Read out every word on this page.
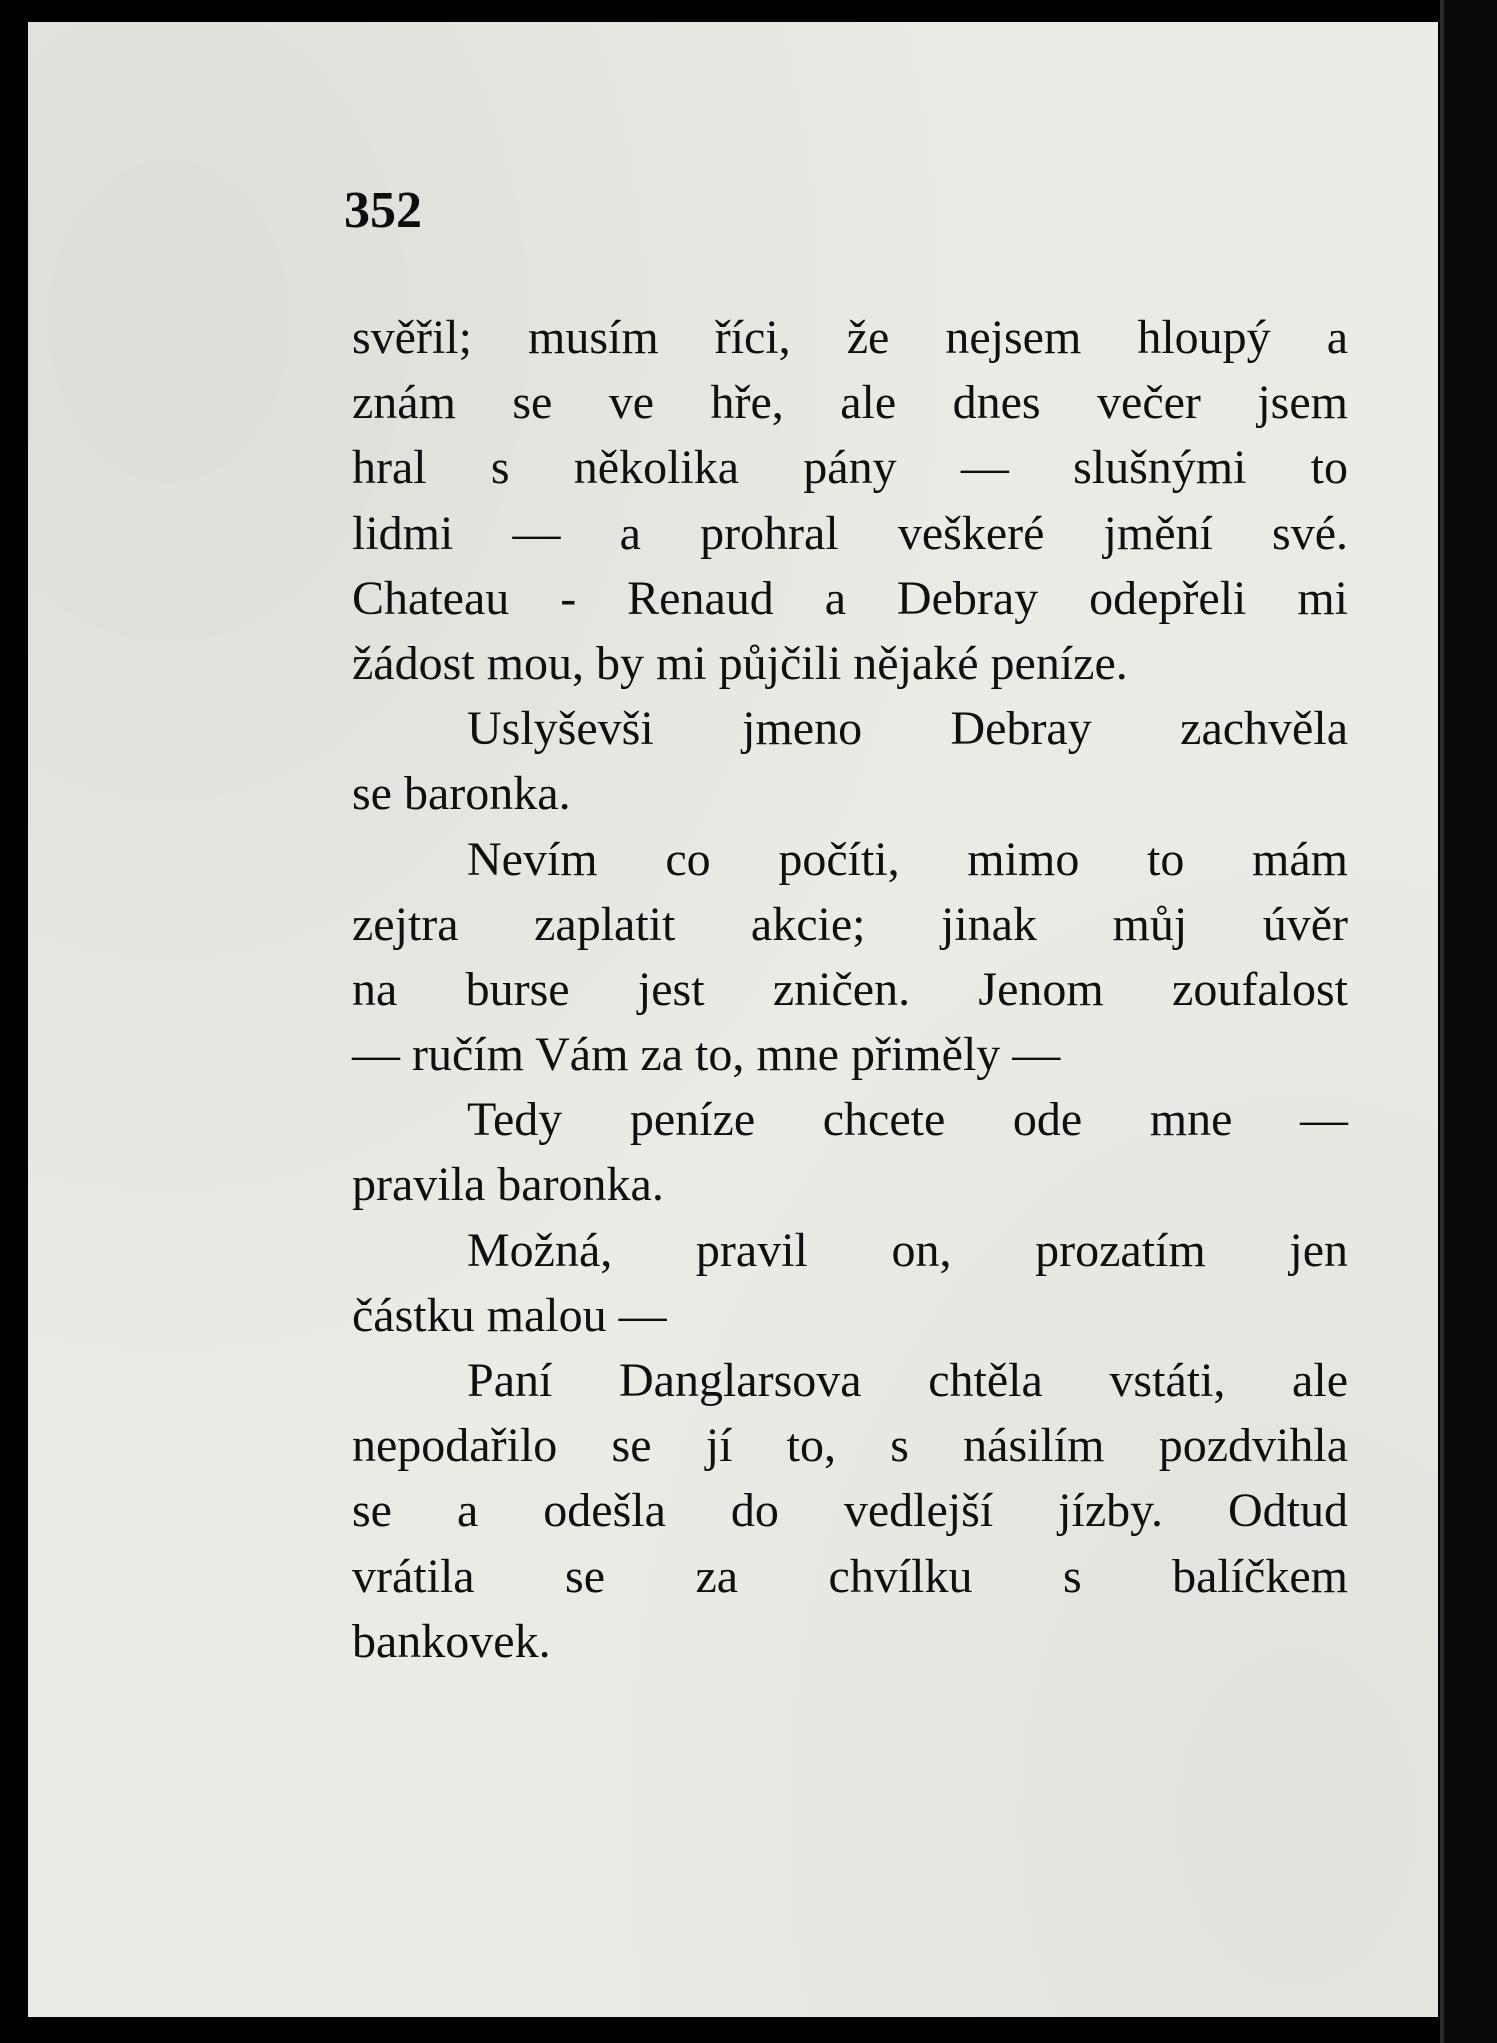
352
svěřil; musím říci, že nejsem hloupý a
znám se ve hře, ale dnes večer jsem
hral s několika pány — slušnými to
lidmi — a prohral veškeré jmění své.
Chateau - Renaud a Debray odepřeli mi
žádost mou, by mi půjčili nějaké peníze.
Uslyševši jmeno Debray zachvěla
se baronka.
Nevím co počíti, mimo to mám
zejtra zaplatit akcie; jinak můj úvěr
na burse jest zničen. Jenom zoufalost
— ručím Vám za to, mne přiměly —
Tedy peníze chcete ode mne —
pravila baronka.
Možná, pravil on, prozatím jen
částku malou —
Paní Danglarsova chtěla vstáti, ale
nepodařilo se jí to, s násilím pozdvihla
se a odešla do vedlejší jízby. Odtud
vrátila se za chvílku s balíčkem
bankovek.
